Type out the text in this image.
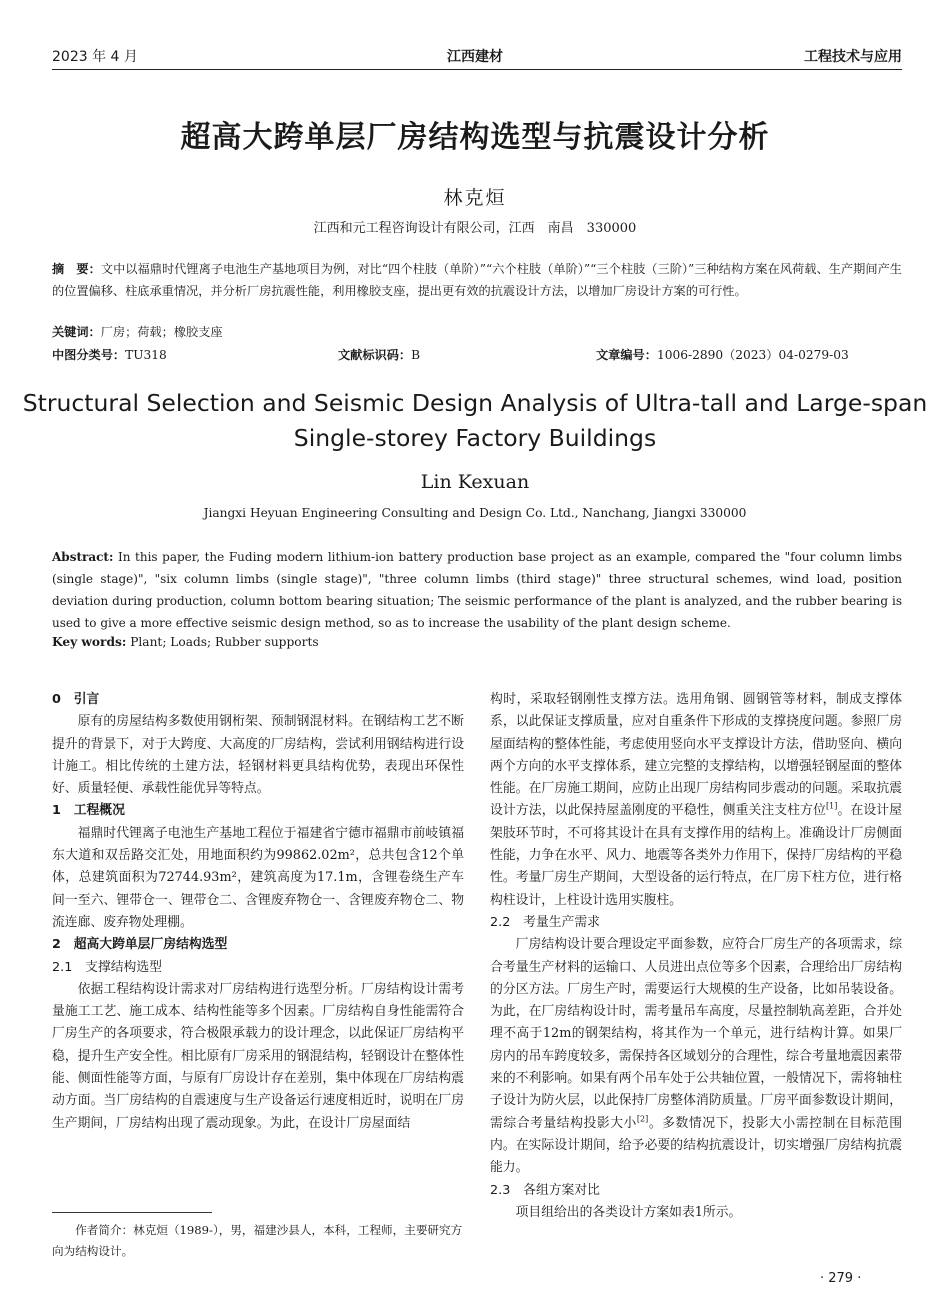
2023 年 4 月	江西建材	工程技术与应用
超高大跨单层厂房结构选型与抗震设计分析
林克烜
江西和元工程咨询设计有限公司，江西　南昌　330000
摘　要：文中以福鼎时代锂离子电池生产基地项目为例，对比“四个柱肢（单阶）”“六个柱肢（单阶）”“三个柱肢（三阶）”三种结构方案在风荷载、生产期间产生的位置偏移、柱底承重情况，并分析厂房抗震性能，利用橡胶支座，提出更有效的抗震设计方法，以增加厂房设计方案的可行性。
关键词：厂房；荷载；橡胶支座
中图分类号：TU318	文献标识码：B	文章编号：1006-2890（2023）04-0279-03
Structural Selection and Seismic Design Analysis of Ultra-tall and Large-span Single-storey Factory Buildings
Lin Kexuan
Jiangxi Heyuan Engineering Consulting and Design Co. Ltd., Nanchang, Jiangxi 330000
Abstract: In this paper, the Fuding modern lithium-ion battery production base project as an example, compared the "four column limbs (single stage)", "six column limbs (single stage)", "three column limbs (third stage)" three structural schemes, wind load, position deviation during production, column bottom bearing situation; The seismic performance of the plant is analyzed, and the rubber bearing is used to give a more effective seismic design method, so as to increase the usability of the plant design scheme.
Key words: Plant; Loads; Rubber supports
0　引言

原有的房屋结构多数使用钢桁架、预制钢混材料。在钢结构工艺不断提升的背景下，对于大跨度、大高度的厂房结构，尝试利用钢结构进行设计施工。相比传统的土建方法，轻钢材料更具结构优势，表现出环保性好、质量轻便、承载性能优异等特点。

1　工程概况

福鼎时代锂离子电池生产基地工程位于福建省宁德市福鼎市前岐镇福东大道和双岳路交汇处，用地面积约为99862.02m²，总共包含12个单体，总建筑面积为72744.93m²，建筑高度为17.1m，含锂卷绕生产车间一至六、锂带仓一、锂带仓二、含锂废弃物仓一、含锂废弃物仓二、物流连廊、废弃物处理棚。

2　超高大跨单层厂房结构选型
2.1　支撑结构选型

依据工程结构设计需求对厂房结构进行选型分析。厂房结构设计需考量施工工艺、施工成本、结构性能等多个因素。厂房结构自身性能需符合厂房生产的各项要求，符合极限承载力的设计理念，以此保证厂房结构平稳，提升生产安全性。相比原有厂房采用的钢混结构，轻钢设计在整体性能、侧面性能等方面，与原有厂房设计存在差别，集中体现在厂房结构震动方面。当厂房结构的自震速度与生产设备运行速度相近时，说明在厂房生产期间，厂房结构出现了震动现象。为此，在设计厂房屋面结

作者简介：林克烜（1989-），男，福建沙县人，本科，工程师，主要研究方向为结构设计。

构时，采取轻钢刚性支撑方法。选用角钢、圆钢管等材料，制成支撑体系，以此保证支撑质量，应对自重条件下形成的支撑挠度问题。参照厂房屋面结构的整体性能，考虑使用竖向水平支撑设计方法，借助竖向、横向两个方向的水平支撑体系，建立完整的支撑结构，以增强轻钢屋面的整体性能。在厂房施工期间，应防止出现厂房结构同步震动的问题。采取抗震设计方法，以此保持屋盖刚度的平稳性，侧重关注支柱方位[1]。在设计屋架肢环节时，不可将其设计在具有支撑作用的结构上。准确设计厂房侧面性能，力争在水平、风力、地震等各类外力作用下，保持厂房结构的平稳性。考量厂房生产期间，大型设备的运行特点，在厂房下柱方位，进行格构柱设计，上柱设计选用实腹柱。

2.2　考量生产需求

厂房结构设计要合理设定平面参数，应符合厂房生产的各项需求，综合考量生产材料的运输口、人员进出点位等多个因素，合理给出厂房结构的分区方法。厂房生产时，需要运行大规模的生产设备，比如吊装设备。为此，在厂房结构设计时，需考量吊车高度，尽量控制轨高差距，合并处理不高于12m的钢架结构，将其作为一个单元，进行结构计算。如果厂房内的吊车跨度较多，需保持各区域划分的合理性，综合考量地震因素带来的不利影响。如果有两个吊车处于公共轴位置，一般情况下，需将轴柱子设计为防火层，以此保持厂房整体消防质量。厂房平面参数设计期间，需综合考量结构投影大小[2]。多数情况下，投影大小需控制在目标范围内。在实际设计期间，给予必要的结构抗震设计，切实增强厂房结构抗震能力。

2.3　各组方案对比

项目组给出的各类设计方案如表1所示。

· 279 ·
